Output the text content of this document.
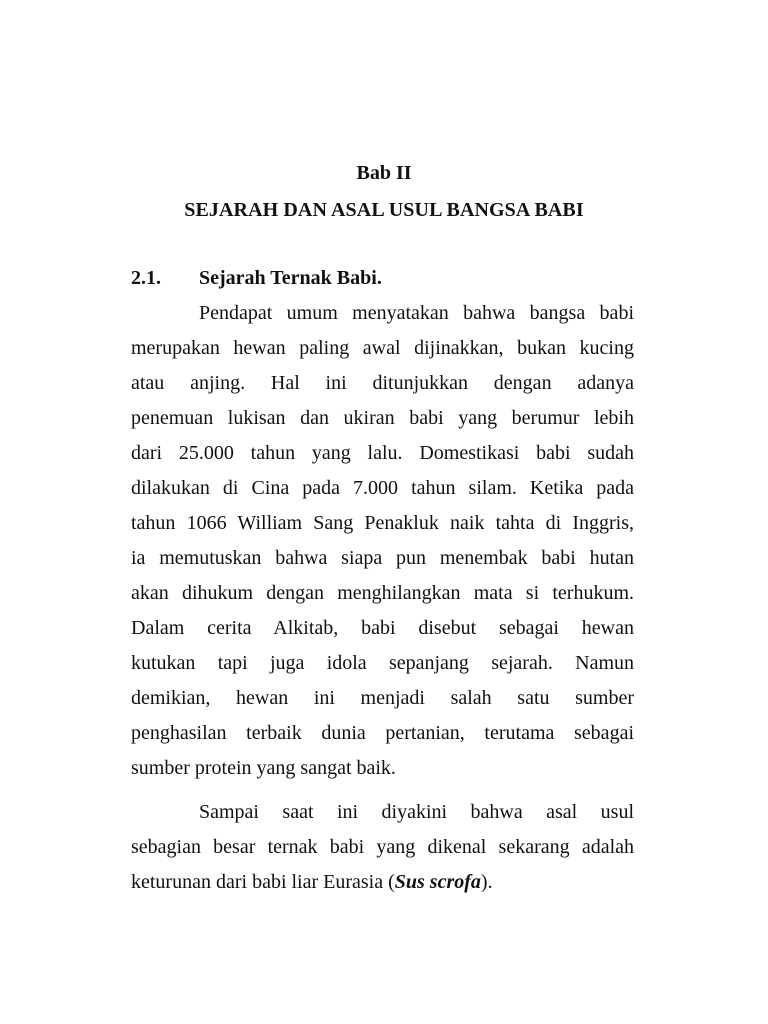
Bab II
SEJARAH DAN ASAL USUL BANGSA BABI
2.1. Sejarah Ternak Babi.
Pendapat umum menyatakan bahwa bangsa babi
merupakan hewan paling awal dijinakkan, bukan kucing
atau anjing. Hal ini ditunjukkan dengan adanya
penemuan lukisan dan ukiran babi yang berumur lebih
dari 25.000 tahun yang lalu. Domestikasi babi sudah
dilakukan di Cina pada 7.000 tahun silam. Ketika pada
tahun 1066 William Sang Penakluk naik tahta di Inggris,
ia memutuskan bahwa siapa pun menembak babi hutan
akan dihukum dengan menghilangkan mata si terhukum.
Dalam cerita Alkitab, babi disebut sebagai hewan
kutukan tapi juga idola sepanjang sejarah. Namun
demikian, hewan ini menjadi salah satu sumber
penghasilan terbaik dunia pertanian, terutama sebagai
sumber protein yang sangat baik.
Sampai saat ini diyakini bahwa asal usul
sebagian besar ternak babi yang dikenal sekarang adalah
keturunan dari babi liar Eurasia (Sus scrofa).
